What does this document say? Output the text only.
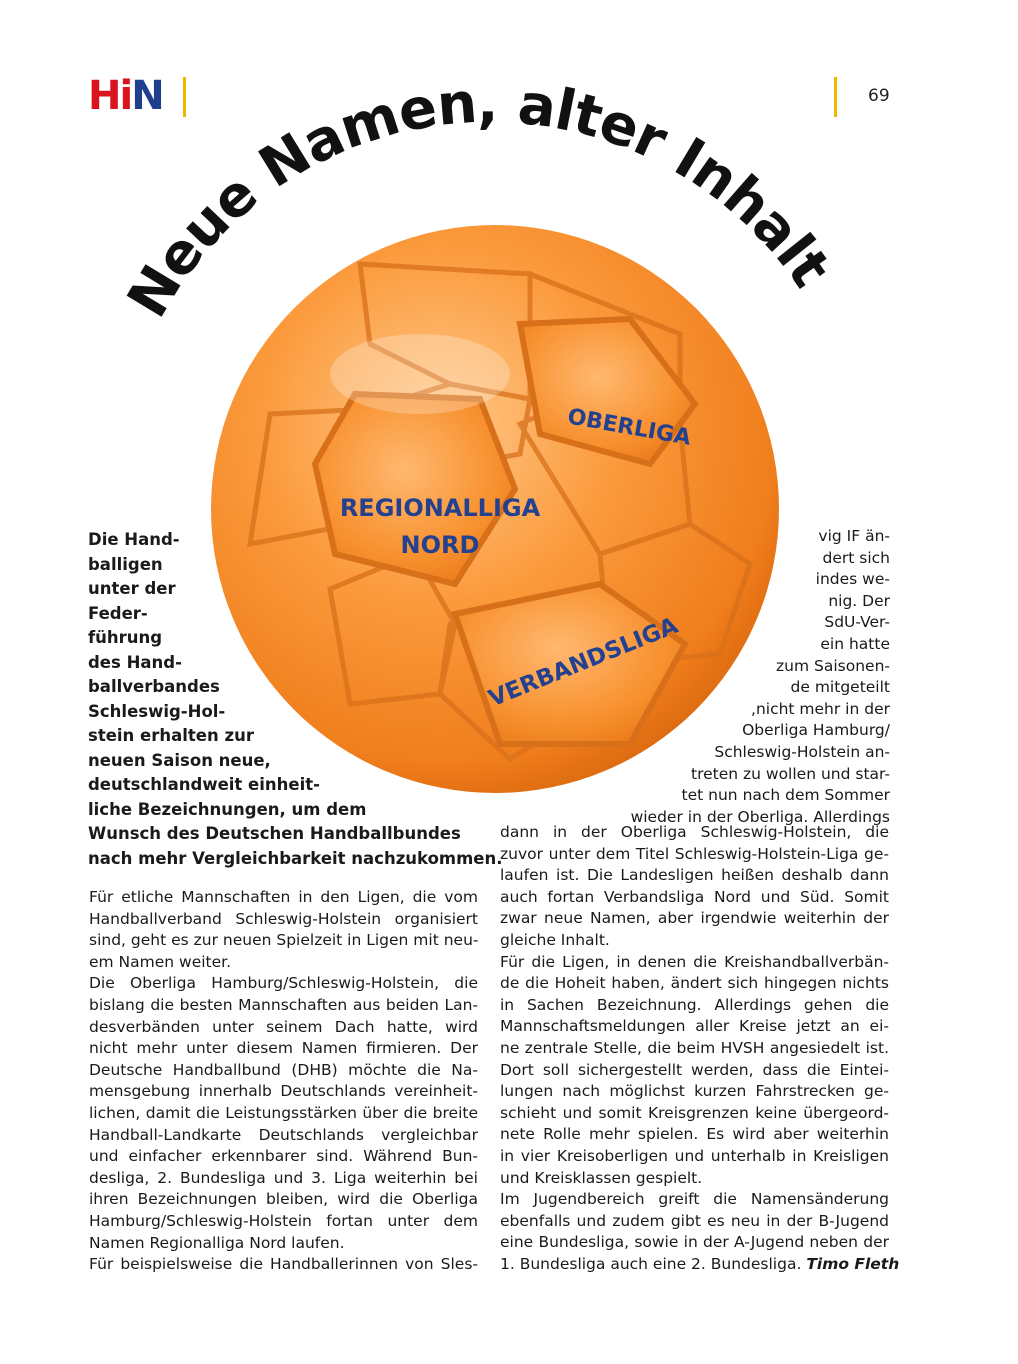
HiN	69
REGIONALLIGA
NORD
OBERLIGA
VERBANDSLIGA
Neue Namen, alter Inhalt
Die Hand-
balligen
unter der
Feder-
führung
des Hand-
ballverbandes
Schleswig-Hol-
stein erhalten zur
neuen Saison neue,
deutschlandweit einheit-
liche Bezeichnungen, um dem
Wunsch des Deutschen Handballbundes
nach mehr Vergleichbarkeit nachzukommen.
vig IF än-
dert sich
indes we-
nig. Der
SdU-Ver-
ein hatte
zum Saisonen-
de mitgeteilt
,nicht mehr in der
Oberliga Hamburg/
Schleswig-Holstein an-
treten zu wollen und star-
tet nun nach dem Sommer
wieder in der Oberliga. Allerdings
Für etliche Mannschaften in den Ligen, die vom
Handballverband Schleswig-Holstein organisiert
sind, geht es zur neuen Spielzeit in Ligen mit neu-
em Namen weiter.
Die Oberliga Hamburg/Schleswig-Holstein, die
bislang die besten Mannschaften aus beiden Lan-
desverbänden unter seinem Dach hatte, wird
nicht mehr unter diesem Namen firmieren. Der
Deutsche Handballbund (DHB) möchte die Na-
mensgebung innerhalb Deutschlands vereinheit-
lichen, damit die Leistungsstärken über die breite
Handball-Landkarte Deutschlands vergleichbar
und einfacher erkennbarer sind. Während Bun-
desliga, 2. Bundesliga und 3. Liga weiterhin bei
ihren Bezeichnungen bleiben, wird die Oberliga
Hamburg/Schleswig-Holstein fortan unter dem
Namen Regionalliga Nord laufen.
Für beispielsweise die Handballerinnen von Sles-
dann in der Oberliga Schleswig-Holstein, die
zuvor unter dem Titel Schleswig-Holstein-Liga ge-
laufen ist. Die Landesligen heißen deshalb dann
auch fortan Verbandsliga Nord und Süd. Somit
zwar neue Namen, aber irgendwie weiterhin der
gleiche Inhalt.
Für die Ligen, in denen die Kreishandballverbän-
de die Hoheit haben, ändert sich hingegen nichts
in Sachen Bezeichnung. Allerdings gehen die
Mannschaftsmeldungen aller Kreise jetzt an ei-
ne zentrale Stelle, die beim HVSH angesiedelt ist.
Dort soll sichergestellt werden, dass die Eintei-
lungen nach möglichst kurzen Fahrstrecken ge-
schieht und somit Kreisgrenzen keine übergeord-
nete Rolle mehr spielen. Es wird aber weiterhin
in vier Kreisoberligen und unterhalb in Kreisligen
und Kreisklassen gespielt.
Im Jugendbereich greift die Namensänderung
ebenfalls und zudem gibt es neu in der B-Jugend
eine Bundesliga, sowie in der A-Jugend neben der
1. Bundesliga auch eine 2. Bundesliga. Timo Fleth
